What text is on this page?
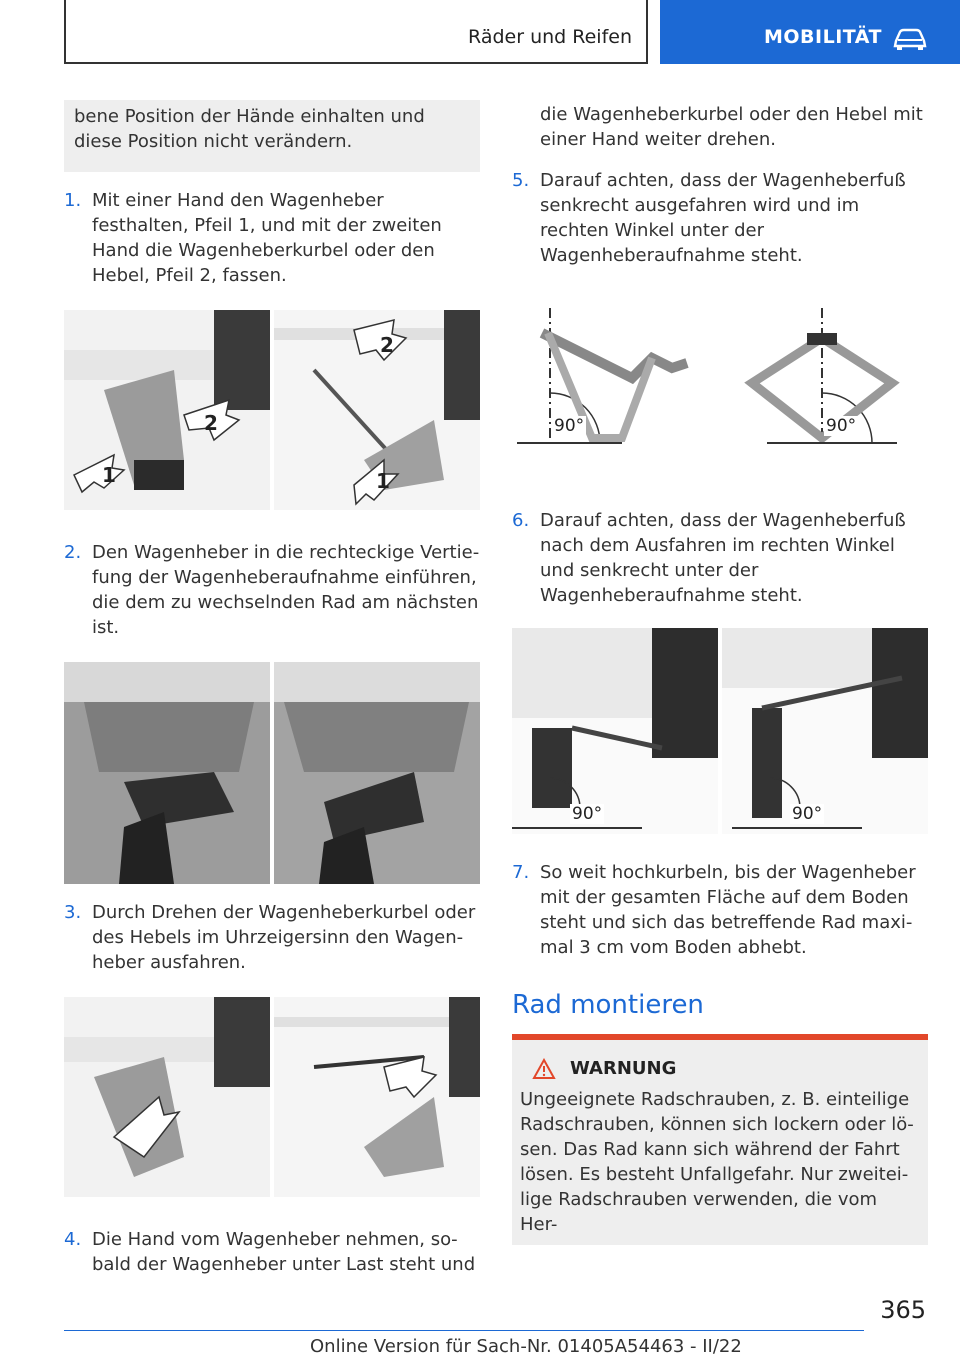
Räder und Reifen	MOBILITÄT
bene Position der Hände einhalten und diese Position nicht verändern.
1. Mit einer Hand den Wagenheber festhalten, Pfeil 1, und mit der zweiten Hand die Wagenheberkurbel oder den Hebel, Pfeil 2, fassen.
1
2
2
1
2. Den Wagenheber in die rechteckige Vertiefung der Wagenheberaufnahme einführen, die dem zu wechselnden Rad am nächsten ist.
3. Durch Drehen der Wagenheberkurbel oder des Hebels im Uhrzeigersinn den Wagenheber ausfahren.
4. Die Hand vom Wagenheber nehmen, sobald der Wagenheber unter Last steht und
die Wagenheberkurbel oder den Hebel mit einer Hand weiter drehen.
5. Darauf achten, dass der Wagenheberfuß senkrecht ausgefahren wird und im rechten Winkel unter der Wagenheberaufnahme steht.
90°	90°
6. Darauf achten, dass der Wagenheberfuß nach dem Ausfahren im rechten Winkel und senkrecht unter der Wagenheberaufnahme steht.
90°	90°
7. So weit hochkurbeln, bis der Wagenheber mit der gesamten Fläche auf dem Boden steht und sich das betreffende Rad maximal 3 cm vom Boden abhebt.
Rad montieren
WARNUNG
Ungeeignete Radschrauben, z. B. einteilige Radschrauben, können sich lockern oder lösen. Das Rad kann sich während der Fahrt lösen. Es besteht Unfallgefahr. Nur zweiteilige Radschrauben verwenden, die vom Her-
365
Online Version für Sach-Nr. 01405A54463 - II/22
